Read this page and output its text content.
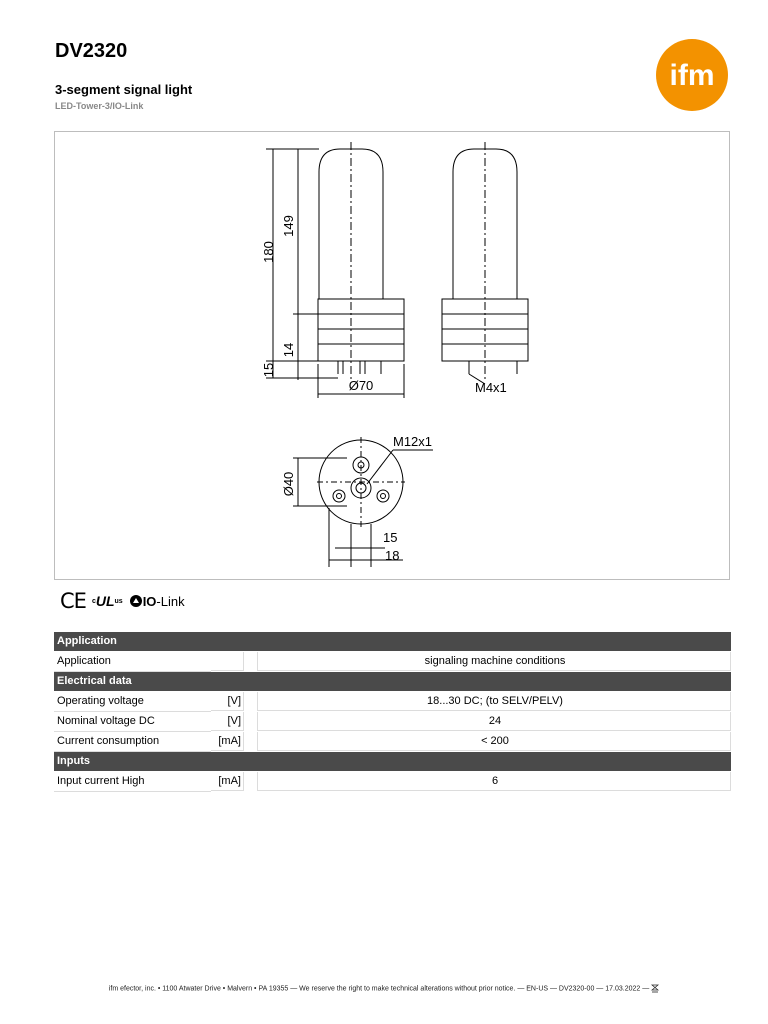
DV2320
3-segment signal light
LED-Tower-3/IO-Link
ifm
180
149
14
15
Ø70	M4x1
M12x1
Ø40
15
18
CE c UL us IO -Link
Application
Application	signaling machine conditions
Electrical data
Operating voltage	[V]	18...30 DC; (to SELV/PELV)
Nominal voltage DC	[V]	24
Current consumption	[mA]	< 200
Inputs
Input current High	[mA]	6
ifm efector, inc. • 1100 Atwater Drive • Malvern • PA 19355 — We reserve the right to make technical alterations without prior notice. — EN-US — DV2320-00 — 17.03.2022 —
